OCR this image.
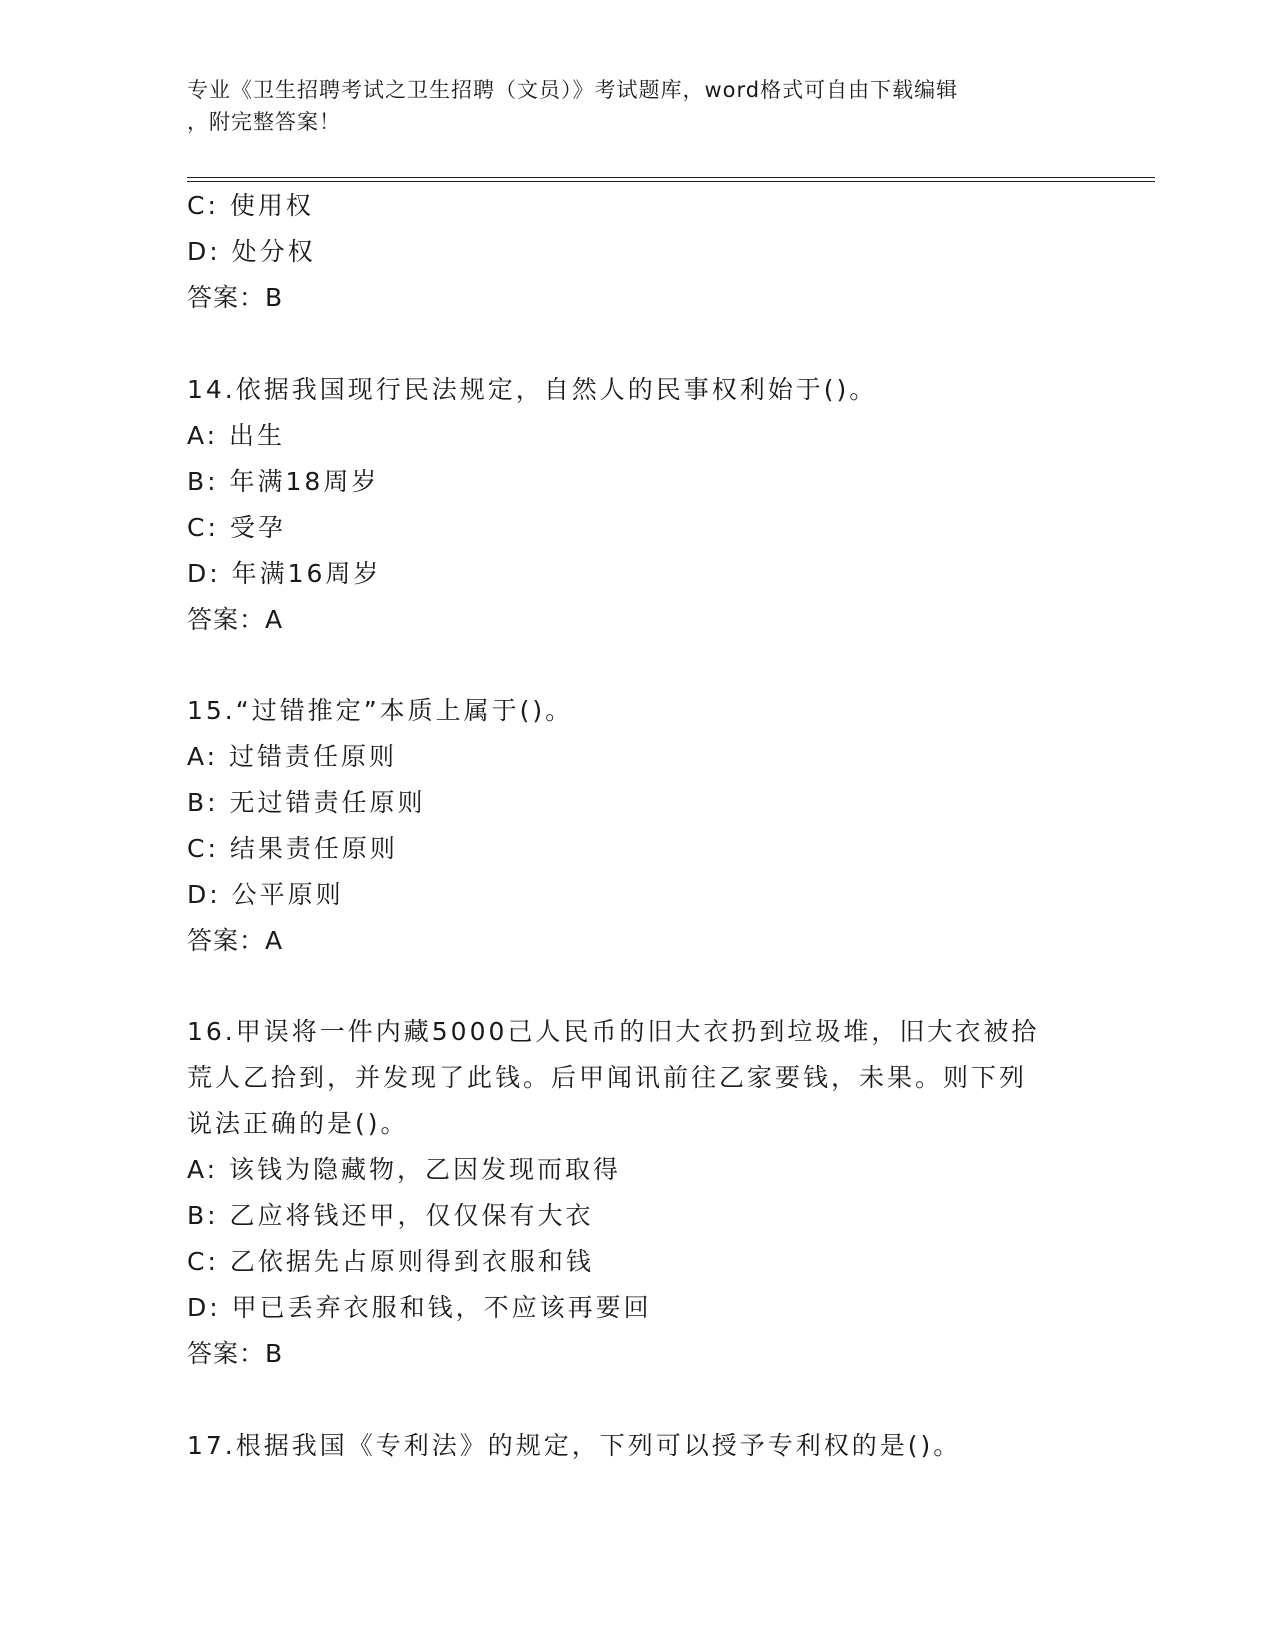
专业《卫生招聘考试之卫生招聘（文员）》考试题库，word格式可自由下载编辑
，附完整答案！
C: 使用权
D: 处分权
答案：B
14.依据我国现行民法规定，自然人的民事权利始于()。
A: 出生
B: 年满18周岁
C: 受孕
D: 年满16周岁
答案：A
15.“过错推定”本质上属于()。
A: 过错责任原则
B: 无过错责任原则
C: 结果责任原则
D: 公平原则
答案：A
16.甲误将一件内藏5000己人民币的旧大衣扔到垃圾堆，旧大衣被拾
荒人乙拾到，并发现了此钱。后甲闻讯前往乙家要钱，未果。则下列
说法正确的是()。
A: 该钱为隐藏物，乙因发现而取得
B: 乙应将钱还甲，仅仅保有大衣
C: 乙依据先占原则得到衣服和钱
D: 甲已丢弃衣服和钱，不应该再要回
答案：B
17.根据我国《专利法》的规定，下列可以授予专利权的是()。
